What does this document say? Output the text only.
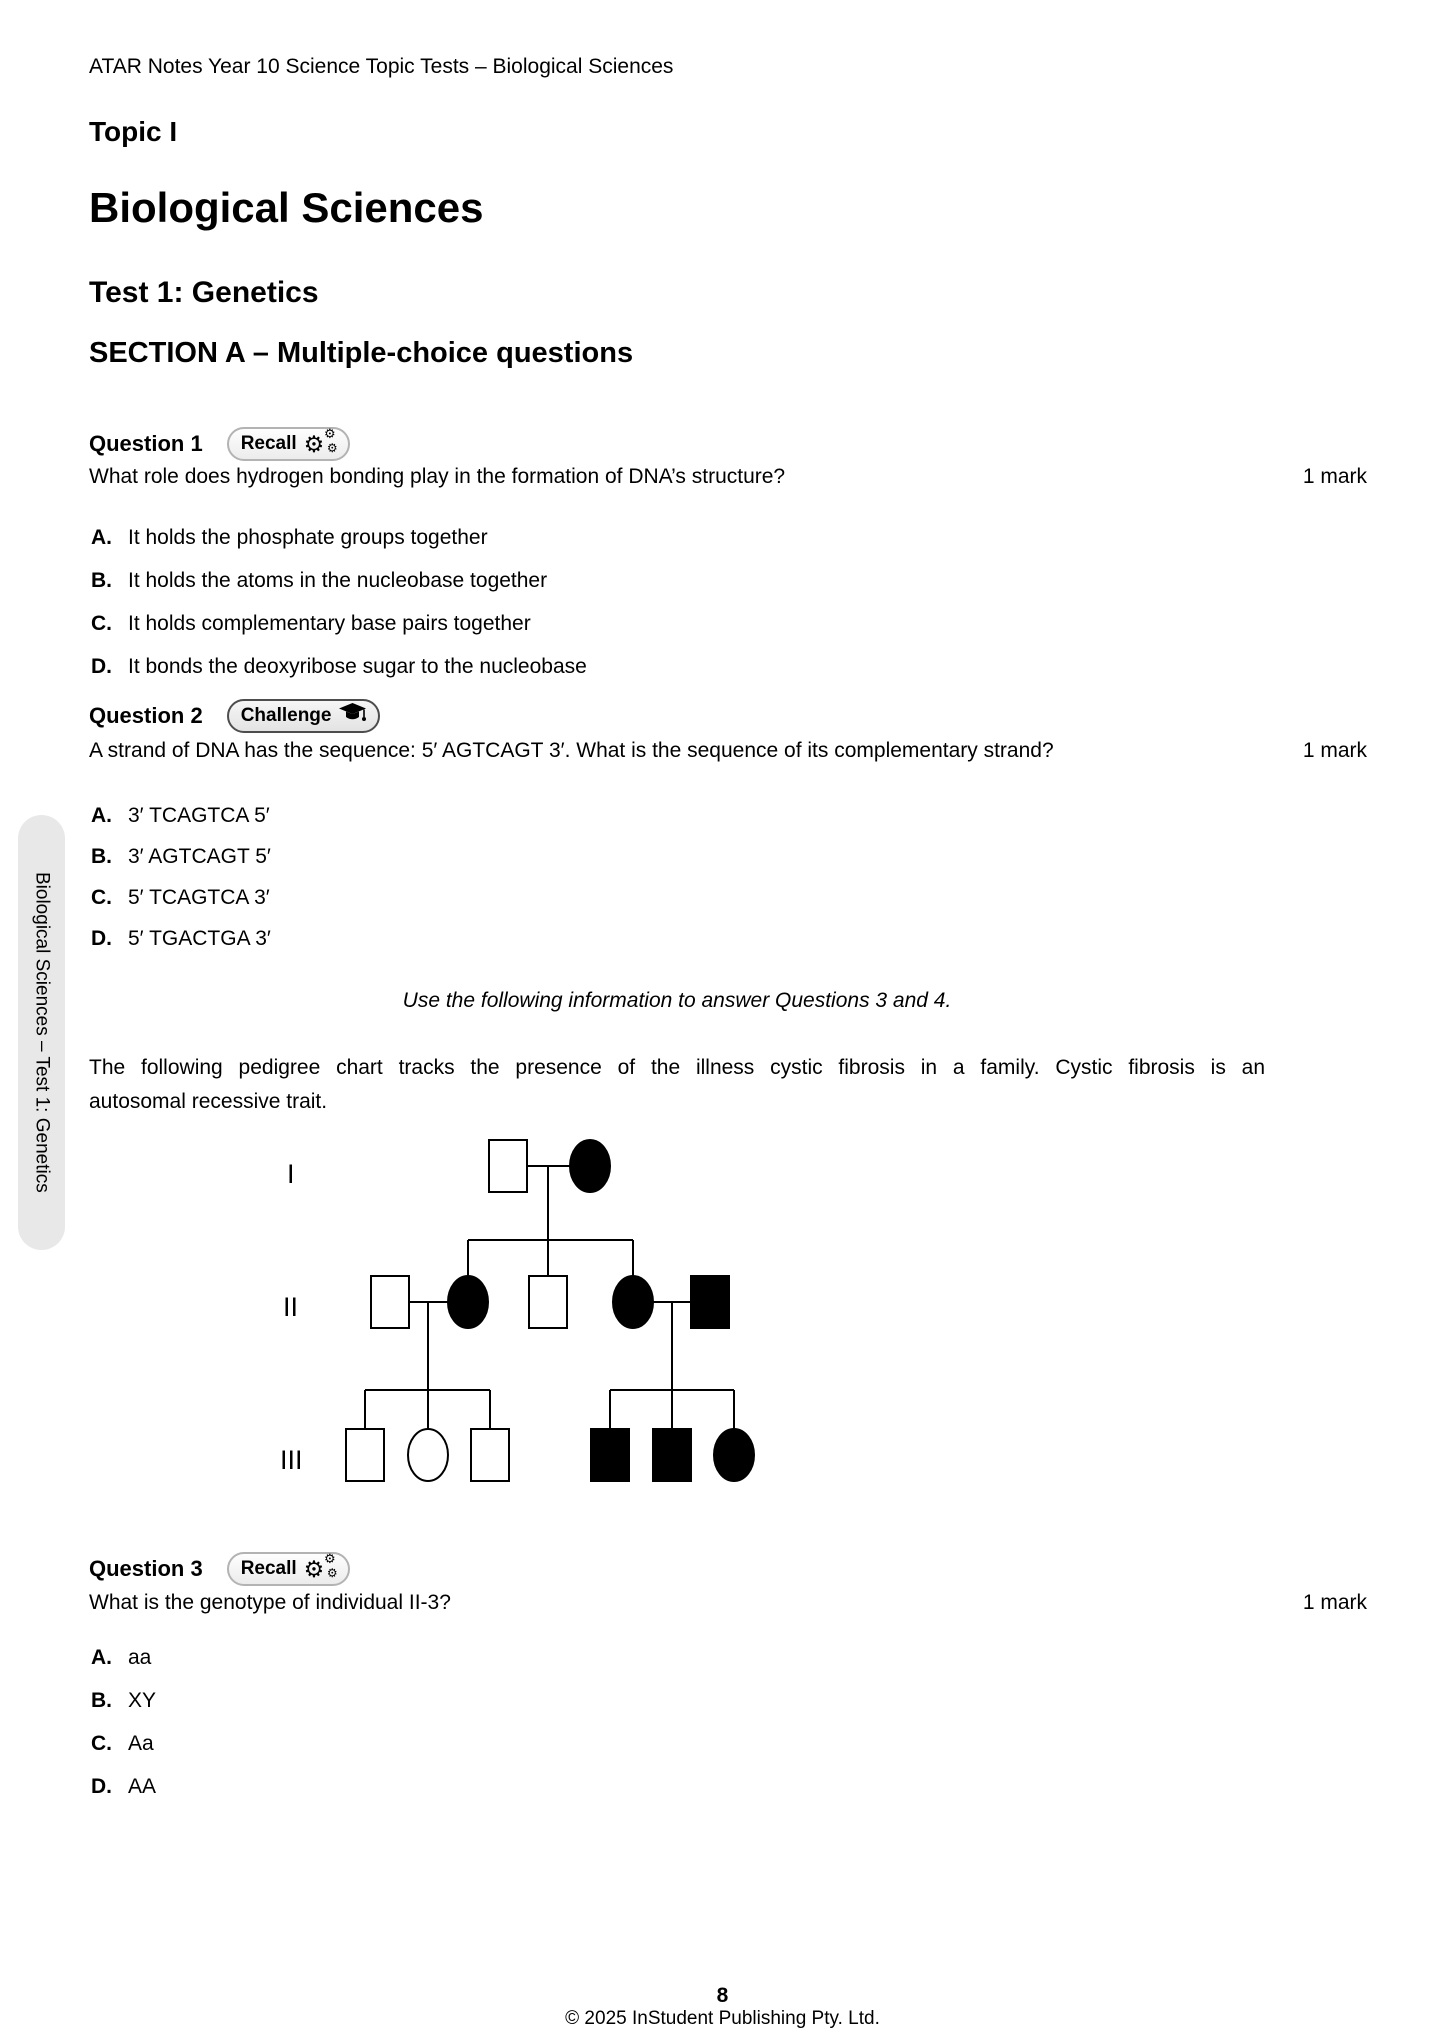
ATAR Notes Year 10 Science Topic Tests – Biological Sciences
Topic I
Biological Sciences
Test 1: Genetics
SECTION A – Multiple-choice questions
Question 1 Recall ⚙ ⚙
⚙
What role does hydrogen bonding play in the formation of DNA’s structure?	1 mark
A. It holds the phosphate groups together
B. It holds the atoms in the nucleobase together
C. It holds complementary base pairs together
D. It bonds the deoxyribose sugar to the nucleobase
Question 2 Challenge
A strand of DNA has the sequence: 5′ AGTCAGT 3′. What is the sequence of its complementary strand?	1 mark
A. 3′ TCAGTCA 5′
B. 3′ AGTCAGT 5′
C. 5′ TCAGTCA 3′
D. 5′ TGACTGA 3′
Use the following information to answer Questions 3 and 4.
The following pedigree chart tracks the presence of the illness cystic fibrosis in a family. Cystic fibrosis is an
autosomal recessive trait.
I
II
III
Question 3 Recall ⚙ ⚙
⚙
What is the genotype of individual II-3?	1 mark
A. aa
B. XY
C. Aa
D. AA
Biological Sciences – Test 1: Genetics
8
© 2025 InStudent Publishing Pty. Ltd.
